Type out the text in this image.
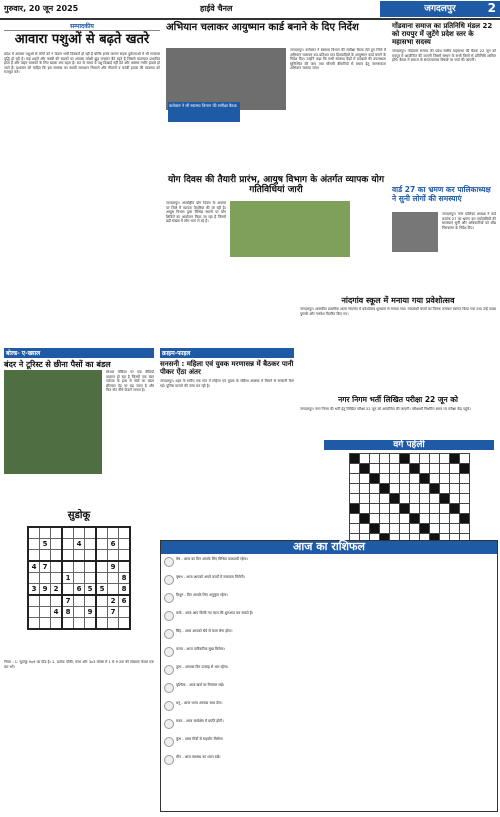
गुरुवार, 20 जून 2025	हाईवे चैनल	जगदलपुर	2
सम्पादकीय
आवारा पशुओं से बढ़ते खतरे
प्रदेश में आवारा पशुओं से लोगों को न केवल भारी दिक्कतें हो रही हैं बल्कि इनके कारण सड़क दुर्घटनाओं में भी लगातार वृद्धि हो रही है। कई शहरों और कस्बों की सड़कों पर आवारा मवेशी झुंड बनाकर बैठे रहते हैं जिससे यातायात प्रभावित होता है और वाहन चालकों के लिए खतरा बना रहता है। रात के समय ये पशु दिखाई नहीं देते और अक्सर गंभीर हादसे हो जाते हैं। प्रशासन को चाहिए कि इस समस्या का स्थायी समाधान निकाले और गौठानों व कांजी हाउस की व्यवस्था को मजबूत करे।
अभियान चलाकर आयुष्मान कार्ड बनाने के दिए निर्देश
कलेक्टर ने ली स्वास्थ्य विभाग की समीक्षा बैठक
जगदलपुर। कलेक्टर ने स्वास्थ्य विभाग की समीक्षा बैठक लेते हुए जिले में अभियान चलाकर शत-प्रतिशत पात्र हितग्राहियों के आयुष्मान कार्ड बनाने के निर्देश दिए। उन्होंने कहा कि सभी स्वास्थ्य केंद्रों में दवाइयों की उपलब्धता सुनिश्चित की जाए तथा मौसमी बीमारियों से बचाव हेतु जागरूकता अभियान चलाया जाए।
गोंडवाना समाज का प्रतिनिधि मंडल 22 को रायपुर में जुटेंगे प्रदेश स्तर के महासभा सदस्य
जगदलपुर। गोंडवाना समाज की प्रदेश स्तरीय महासभा की बैठक 22 जून को रायपुर में आयोजित की जाएगी जिसमें संभाग के सभी जिलों से प्रतिनिधि शामिल होंगे। बैठक में समाज के संगठनात्मक विषयों पर चर्चा की जाएगी।
योग दिवस की तैयारी प्रारंभ, आयुष विभाग के अंतर्गत व्यापक योग गतिविधियां जारी
जगदलपुर। अंतर्राष्ट्रीय योग दिवस के अवसर पर जिले में व्यापक तैयारियां की जा रही हैं। आयुष विभाग द्वारा विभिन्न स्थानों पर योग शिविरों का आयोजन किया जा रहा है जिसमें बड़ी संख्या में लोग भाग ले रहे हैं।
वार्ड 27 का भ्रमण कर पालिकाध्यक्ष ने सुनी लोगों की समस्याएं
जगदलपुर। नगर पालिका अध्यक्ष ने वार्ड क्रमांक 27 का भ्रमण कर वार्डवासियों की समस्याएं सुनीं और अधिकारियों को शीघ्र निराकरण के निर्देश दिए।
नांदगांव स्कूल में मनाया गया प्रवेशोत्सव
जगदलपुर। शासकीय प्राथमिक शाला नांदगांव में प्रवेशोत्सव धूमधाम से मनाया गया। नवप्रवेशी बच्चों का तिलक लगाकर स्वागत किया गया तथा उन्हें पाठ्य पुस्तकें और गणवेश वितरित किए गए।
नगर निगम भर्ती लिखित परीक्षा 22 जून को
जगदलपुर। नगर निगम की भर्ती हेतु लिखित परीक्षा 22 जून को आयोजित की जाएगी। परीक्षार्थी निर्धारित समय पर परीक्षा केंद्र पहुंचें।
बोल्ड- ए-ख्याल
बंदर ने टूरिस्ट से छीना पैसों का बंडल
सोशल मीडिया पर एक वीडियो वायरल हो रहा है जिसमें एक बंदर पर्यटक के हाथ से नोटों का बंडल छीनकर पेड़ पर चढ़ जाता है और फिर नोट नीचे फेंकने लगता है।
क्राइम-फाइल
सनसनी : महिला एवं युवक मरणासन्न में बैठकर पानी पीकर ऐंठा अंतर
जगदलपुर। शहर के समीप एक गांव में महिला एवं युवक के संदिग्ध अवस्था में मिलने से सनसनी फैल गई। पुलिस मामले की जांच कर रही है।
सुडोकू

	5			4			6	

4	7						9	
			1					8
3	9	2		6	5	5		8
			7				2	6
		4	8		9		7	

वर्ग पहेली

नियम : 1. सुडोकू 9x9 का ग्रिड है। 2. प्रत्येक पंक्ति, स्तंभ और 3x3 बॉक्स में 1 से 9 तक की संख्याएं केवल एक बार भरें।
आज का राशिफल
मेष - आज का दिन आपके लिए मिश्रित फलदायी रहेगा।
वृषभ - आज आपको अपने कार्यों में सफलता मिलेगी।
मिथुन - दिन आपके लिए अनुकूल रहेगा।
कर्क - आज आप किसी नए काम की शुरुआत कर सकते हैं।
सिंह - आज आपको धैर्य से काम लेना होगा।
कन्या - आज पारिवारिक सुख मिलेगा।
तुला - आपका दिन उत्साह से भरा रहेगा।
वृश्चिक - आज खर्च पर नियंत्रण रखें।
धनु - आज भाग्य आपका साथ देगा।
मकर - आज कार्यक्षेत्र में प्रगति होगी।
कुंभ - आज मित्रों से सहयोग मिलेगा।
मीन - आज स्वास्थ्य का ध्यान रखें।
